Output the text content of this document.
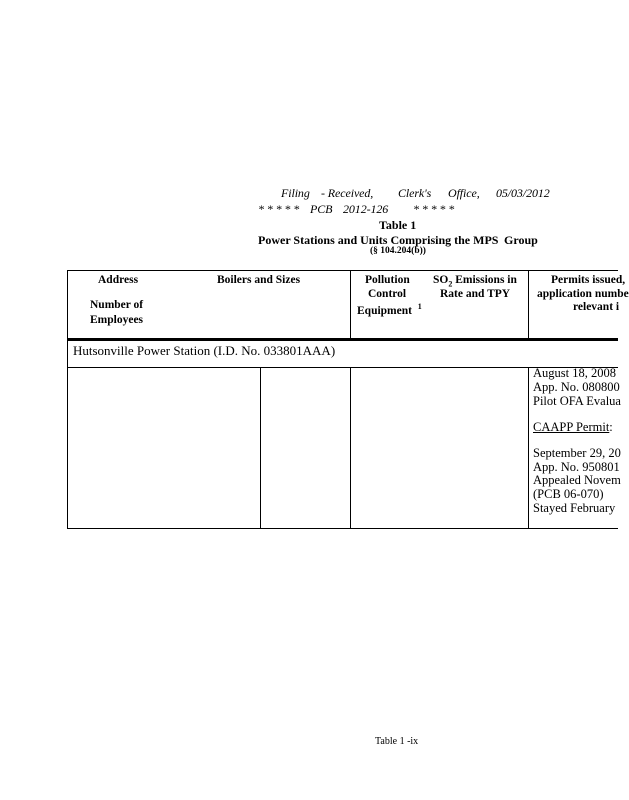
Filing - Received, Clerk's Office, 05/03/2012
* * * * * PCB 2012-126 * * * * *
Table 1
Power Stations and Units Comprising the MPS Group
(§ 104.204(b))
Address
Number of
Employees
Boilers and Sizes	Pollution
Control
Equipment $^1$
$SO_2$ Emissions in
Rate and TPY
Permits issued,
application numbe
relevant i
Hutsonville Power Station (I.D. No. 033801AAA)
August 18, 2008
App. No. 080800
Pilot OFA Evalua
CAAPP Permit:
September 29, 20
App. No. 950801
Appealed Novem
(PCB 06-070)
Stayed February
Table 1 -ix
